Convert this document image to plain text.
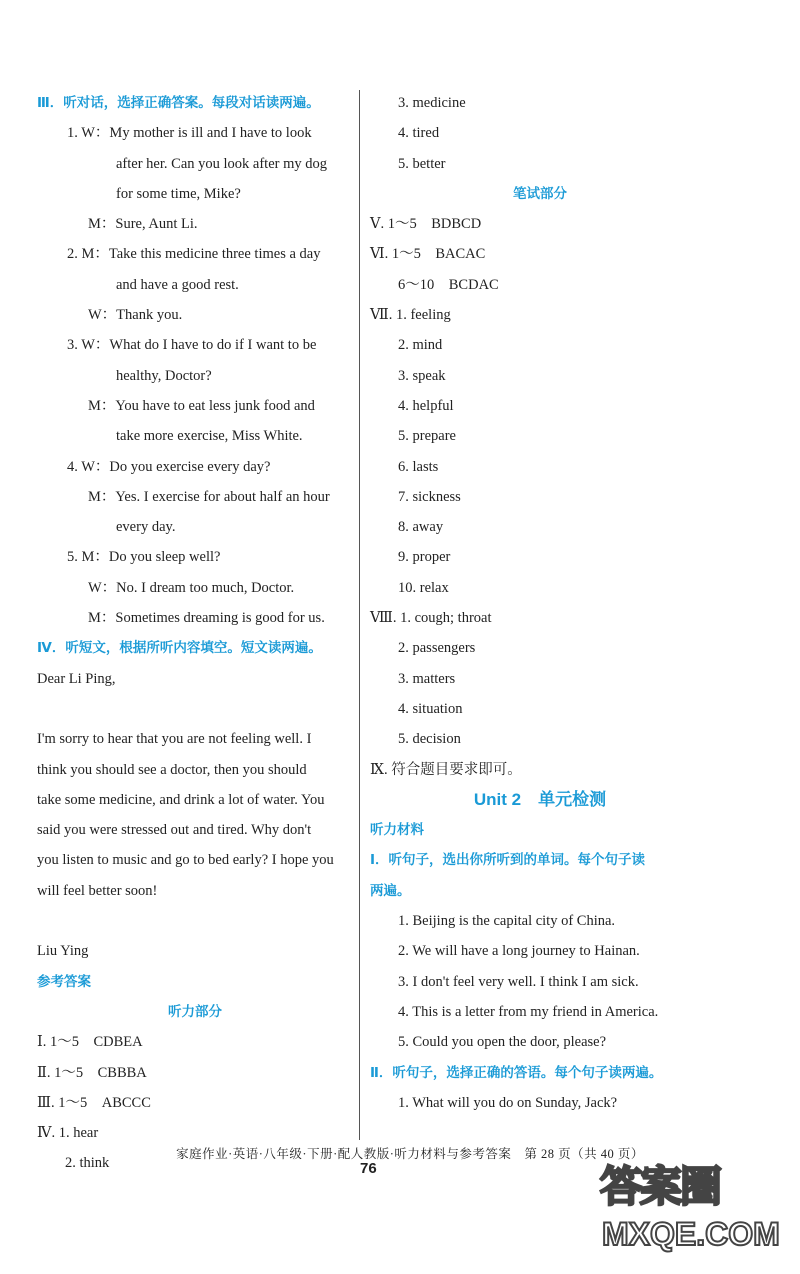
Ⅲ．听对话，选择正确答案。每段对话读两遍。
1. W：My mother is ill and I have to look
after her. Can you look after my dog
for some time, Mike?
M：Sure, Aunt Li.
2. M：Take this medicine three times a day
and have a good rest.
W：Thank you.
3. W：What do I have to do if I want to be
healthy, Doctor?
M：You have to eat less junk food and
take more exercise, Miss White.
4. W：Do you exercise every day?
M：Yes. I exercise for about half an hour
every day.
5. M：Do you sleep well?
W：No. I dream too much, Doctor.
M：Sometimes dreaming is good for us.
Ⅳ．听短文，根据所听内容填空。短文读两遍。
Dear Li Ping,

I'm sorry to hear that you are not feeling well. I
think you should see a doctor, then you should
take some medicine, and drink a lot of water. You
said you were stressed out and tired. Why don't
you listen to music and go to bed early? I hope you
will feel better soon!

Liu Ying
参考答案
听力部分
Ⅰ. 1～5　CDBEA
Ⅱ. 1～5　CBBBA
Ⅲ. 1～5　ABCCC
Ⅳ. 1. hear
2. think
3. medicine
4. tired
5. better
笔试部分
Ⅴ. 1～5　BDBCD
Ⅵ. 1～5　BACAC
6～10　BCDAC
Ⅶ. 1. feeling
2. mind
3. speak
4. helpful
5. prepare
6. lasts
7. sickness
8. away
9. proper
10. relax
Ⅷ. 1. cough; throat
2. passengers
3. matters
4. situation
5. decision
Ⅸ. 符合题目要求即可。
Unit 2　单元检测
听力材料
Ⅰ．听句子，选出你所听到的单词。每个句子读
两遍。
1. Beijing is the capital city of China.
2. We will have a long journey to Hainan.
3. I don't feel very well. I think I am sick.
4. This is a letter from my friend in America.
5. Could you open the door, please?
Ⅱ．听句子，选择正确的答语。每个句子读两遍。
1. What will you do on Sunday, Jack?
家庭作业·英语·八年级·下册·配人教版·听力材料与参考答案　第 28 页（共 40 页）
76	答案圈
MXQE.COM
